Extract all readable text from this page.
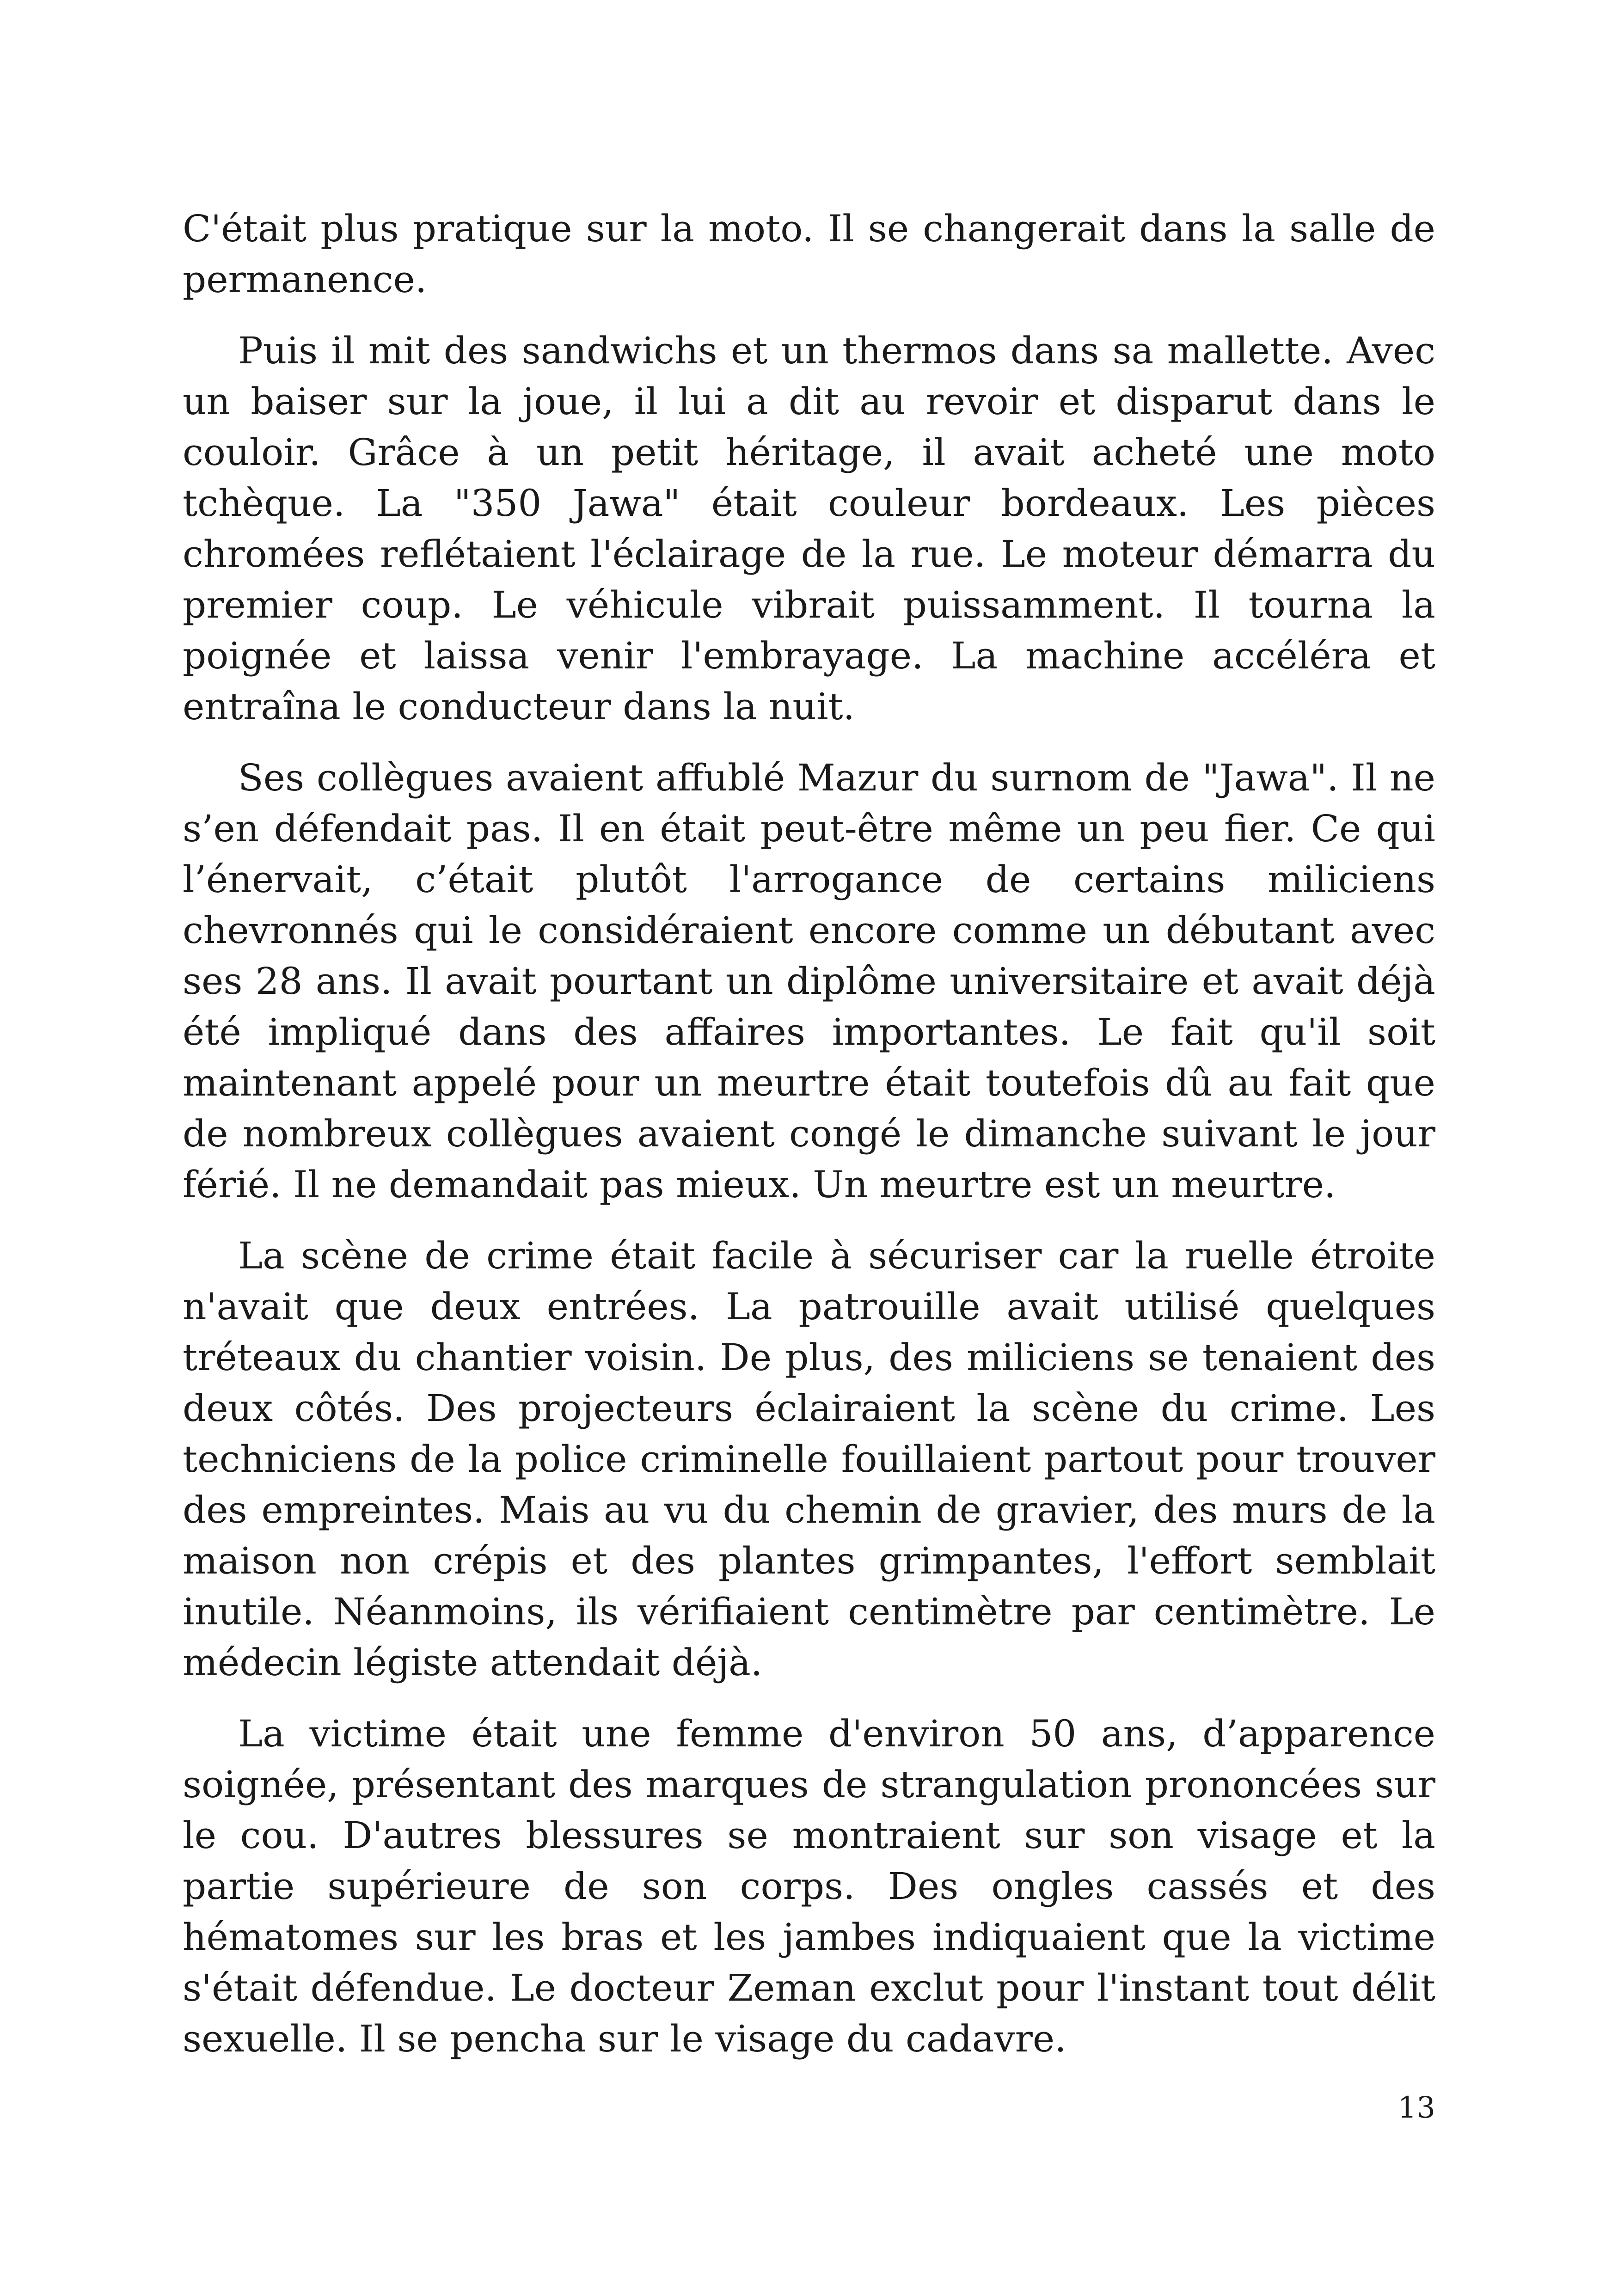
C'était plus pratique sur la moto. Il se changerait dans la salle de permanence.

Puis il mit des sandwichs et un thermos dans sa mallette. Avec un baiser sur la joue, il lui a dit au revoir et disparut dans le couloir. Grâce à un petit héritage, il avait acheté une moto tchèque. La "350 Jawa" était couleur bordeaux. Les pièces chromées reflétaient l'éclairage de la rue. Le moteur démarra du premier coup. Le véhicule vibrait puissamment. Il tourna la poignée et laissa venir l'embrayage. La machine accéléra et entraîna le conducteur dans la nuit.

Ses collègues avaient affublé Mazur du surnom de "Jawa". Il ne s’en défendait pas. Il en était peut-être même un peu fier. Ce qui l’énervait, c’était plutôt l'arrogance de certains miliciens chevronnés qui le considéraient encore comme un débutant avec ses 28 ans. Il avait pourtant un diplôme universitaire et avait déjà été impliqué dans des affaires importantes. Le fait qu'il soit maintenant appelé pour un meurtre était toutefois dû au fait que de nombreux collègues avaient congé le dimanche suivant le jour férié. Il ne demandait pas mieux. Un meurtre est un meurtre.

La scène de crime était facile à sécuriser car la ruelle étroite n'avait que deux entrées. La patrouille avait utilisé quelques tréteaux du chantier voisin. De plus, des miliciens se tenaient des deux côtés. Des projecteurs éclairaient la scène du crime. Les techniciens de la police criminelle fouillaient partout pour trouver des empreintes. Mais au vu du chemin de gravier, des murs de la maison non crépis et des plantes grimpantes, l'effort semblait inutile. Néanmoins, ils vérifiaient centimètre par centimètre. Le médecin légiste attendait déjà.

La victime était une femme d'environ 50 ans, d’apparence soignée, présentant des marques de strangulation prononcées sur le cou. D'autres blessures se montraient sur son visage et la partie supérieure de son corps. Des ongles cassés et des hématomes sur les bras et les jambes indiquaient que la victime s'était défendue. Le docteur Zeman exclut pour l'instant tout délit sexuelle. Il se pencha sur le visage du cadavre.

13
